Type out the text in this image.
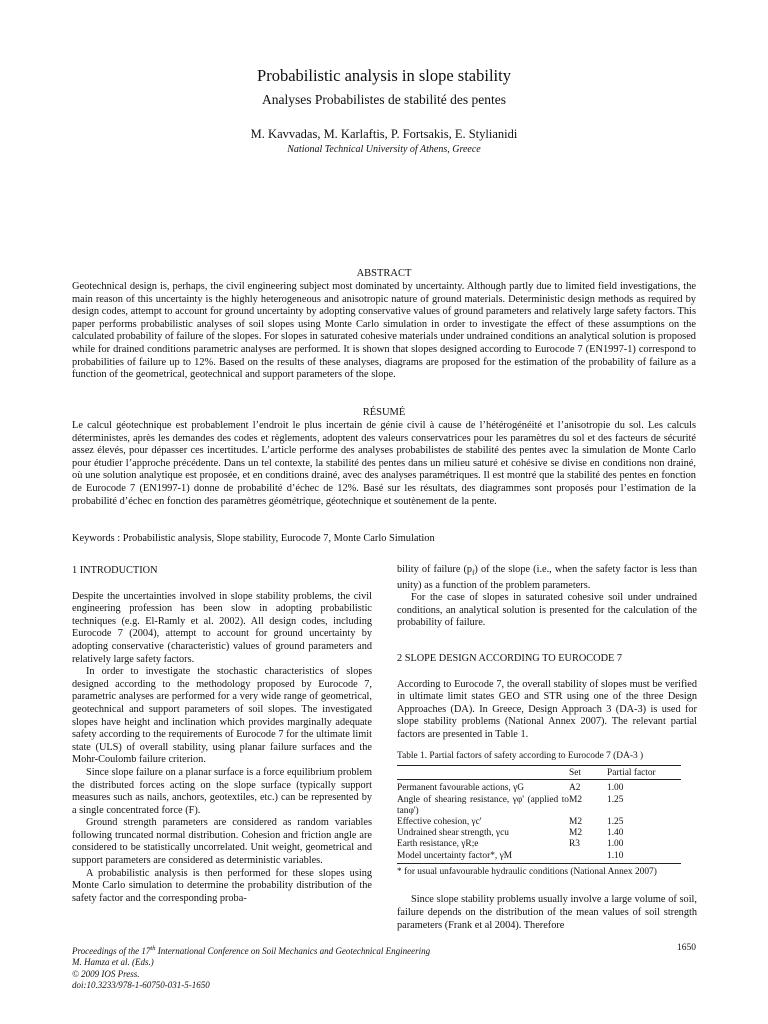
Probabilistic analysis in slope stability
Analyses Probabilistes de stabilité des pentes
M. Kavvadas, M. Karlaftis, P. Fortsakis, E. Stylianidi
National Technical University of Athens, Greece
ABSTRACT

Geotechnical design is, perhaps, the civil engineering subject most dominated by uncertainty. Although partly due to limited field investigations, the main reason of this uncertainty is the highly heterogeneous and anisotropic nature of ground materials. Deterministic design methods as required by design codes, attempt to account for ground uncertainty by adopting conservative values of ground parameters and relatively large safety factors. This paper performs probabilistic analyses of soil slopes using Monte Carlo simulation in order to investigate the effect of these assumptions on the calculated probability of failure of the slopes. For slopes in saturated cohesive materials under undrained conditions an analytical solution is proposed while for drained conditions parametric analyses are performed. It is shown that slopes designed according to Eurocode 7 (EN1997-1) correspond to probabilities of failure up to 12%. Based on the results of these analyses, diagrams are proposed for the estimation of the probability of failure as a function of the geometrical, geotechnical and support parameters of the slope.

RÉSUMÉ

Le calcul géotechnique est probablement l’endroit le plus incertain de génie civil à cause de l’hétérogénéité et l’anisotropie du sol. Les calculs déterministes, après les demandes des codes et règlements, adoptent des valeurs conservatrices pour les paramètres du sol et des facteurs de sécurité assez élevés, pour dépasser ces incertitudes. L’article performe des analyses probabilistes de stabilité des pentes avec la simulation de Monte Carlo pour étudier l’approche précédente. Dans un tel contexte, la stabilité des pentes dans un milieu saturé et cohésive se divise en conditions non drainé, où une solution analytique est proposée, et en conditions drainé, avec des analyses paramétriques. Il est montré que la stabilité des pentes en fonction de Eurocode 7 (EN1997-1) donne de probabilité d’échec de 12%. Basé sur les résultats, des diagrammes sont proposés pour l’estimation de la probabilité d’échec en fonction des paramètres géométrique, géotechnique et soutènement de la pente.

Keywords : Probabilistic analysis, Slope stability, Eurocode 7, Monte Carlo Simulation
1 INTRODUCTION

Despite the uncertainties involved in slope stability problems, the civil engineering profession has been slow in adopting probabilistic techniques (e.g. El-Ramly et al. 2002). All design codes, including Eurocode 7 (2004), attempt to account for ground uncertainty by adopting conservative (characteristic) values of ground parameters and relatively large safety factors.

In order to investigate the stochastic characteristics of slopes designed according to the methodology proposed by Eurocode 7, parametric analyses are performed for a very wide range of geometrical, geotechnical and support parameters of soil slopes. The investigated slopes have height and inclination which provides marginally adequate safety according to the requirements of Eurocode 7 for the ultimate limit state (ULS) of overall stability, using planar failure surfaces and the Mohr-Coulomb failure criterion.

Since slope failure on a planar surface is a force equilibrium problem the distributed forces acting on the slope surface (typically support measures such as nails, anchors, geotextiles, etc.) can be represented by a single concentrated force (F).

Ground strength parameters are considered as random variables following truncated normal distribution. Cohesion and friction angle are considered to be statistically uncorrelated. Unit weight, geometrical and support parameters are considered as deterministic variables.

A probabilistic analysis is then performed for these slopes using Monte Carlo simulation to determine the probability distribution of the safety factor and the corresponding proba-

bility of failure $(p_f)$ of the slope (i.e., when the safety factor is less than unity) as a function of the problem parameters.

For the case of slopes in saturated cohesive soil under undrained conditions, an analytical solution is presented for the calculation of the probability of failure.

2 SLOPE DESIGN ACCORDING TO EUROCODE 7

According to Eurocode 7, the overall stability of slopes must be verified in ultimate limit states GEO and STR using one of the three Design Approaches (DA). In Greece, Design Approach 3 (DA-3) is used for slope stability problems (National Annex 2007). The relevant partial factors are presented in Table 1.

Table 1. Partial factors of safety according to Eurocode 7 (DA-3 )
	Set	Partial factor
Permanent favourable actions, γG	A2	1.00
Angle of shearing resistance, γφ' (applied to tanφ')	M2	1.25
Effective cohesion, γc'	M2	1.25
Undrained shear strength, γcu	M2	1.40
Earth resistance, γR;e	R3	1.00
Model uncertainty factor*, γM		1.10
* for usual unfavourable hydraulic conditions (National Annex 2007)

Since slope stability problems usually involve a large volume of soil, failure depends on the distribution of the mean values of soil strength parameters (Frank et al 2004). Therefore

Proceedings of the 17th International Conference on Soil Mechanics and Geotechnical Engineering
M. Hamza et al. (Eds.)
© 2009 IOS Press.
doi:10.3233/978-1-60750-031-5-1650
1650
